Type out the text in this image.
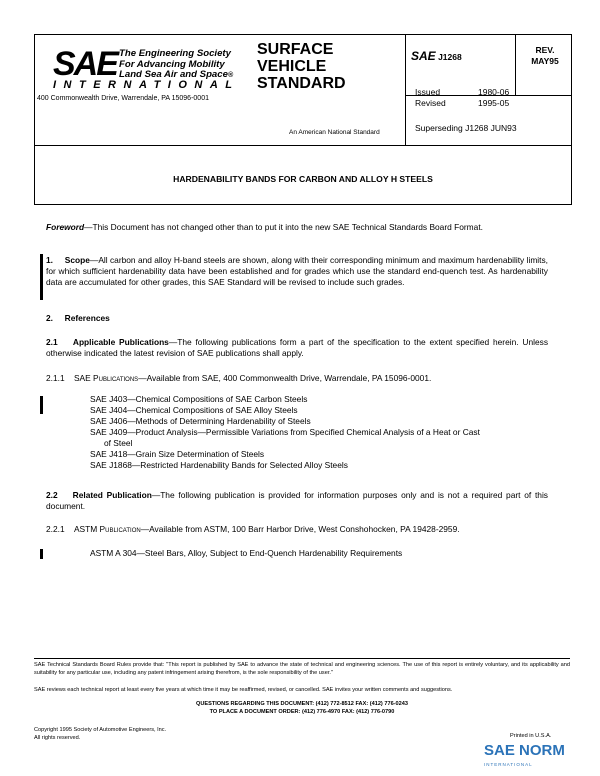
SAE The Engineering Society
For Advancing Mobility
Land Sea Air and Space®
INTERNATIONAL
400 Commonwealth Drive, Warrendale, PA 15096-0001
SURFACE
VEHICLE
STANDARD
An American National Standard
SAE J1268
REV.
MAY95
Issued	1980-06
Revised	1995-05
Superseding J1268 JUN93
HARDENABILITY BANDS FOR CARBON AND ALLOY H STEELS
Foreword—This Document has not changed other than to put it into the new SAE Technical Standards Board Format.
1. Scope—All carbon and alloy H-band steels are shown, along with their corresponding minimum and maximum hardenability limits, for which sufficient hardenability data have been established and for grades which use the standard end-quench test. As hardenability data are accumulated for other grades, this SAE Standard will be revised to include such grades.
2. References
2.1 Applicable Publications—The following publications form a part of the specification to the extent specified herein. Unless otherwise indicated the latest revision of SAE publications shall apply.
2.1.1 SAE Publications—Available from SAE, 400 Commonwealth Drive, Warrendale, PA 15096-0001.
SAE J403—Chemical Compositions of SAE Carbon Steels
SAE J404—Chemical Compositions of SAE Alloy Steels
SAE J406—Methods of Determining Hardenability of Steels
SAE J409—Product Analysis—Permissible Variations from Specified Chemical Analysis of a Heat or Cast
of Steel
SAE J418—Grain Size Determination of Steels
SAE J1868—Restricted Hardenability Bands for Selected Alloy Steels
2.2 Related Publication—The following publication is provided for information purposes only and is not a required part of this document.
2.2.1 ASTM Publication—Available from ASTM, 100 Barr Harbor Drive, West Conshohocken, PA 19428-2959.
ASTM A 304—Steel Bars, Alloy, Subject to End-Quench Hardenability Requirements
SAE Technical Standards Board Rules provide that: "This report is published by SAE to advance the state of technical and engineering sciences. The use of this report is entirely voluntary, and its applicability and suitability for any particular use, including any patent infringement arising therefrom, is the sole responsibility of the user."
SAE reviews each technical report at least every five years at which time it may be reaffirmed, revised, or cancelled. SAE invites your written comments and suggestions.
QUESTIONS REGARDING THIS DOCUMENT: (412) 772-8512 FAX: (412) 776-0243
TO PLACE A DOCUMENT ORDER: (412) 776-4970 FAX: (412) 776-0790
Copyright 1995 Society of Automotive Engineers, Inc.
All rights reserved.	Printed in U.S.A.
SAE NORM
INTERNATIONAL
